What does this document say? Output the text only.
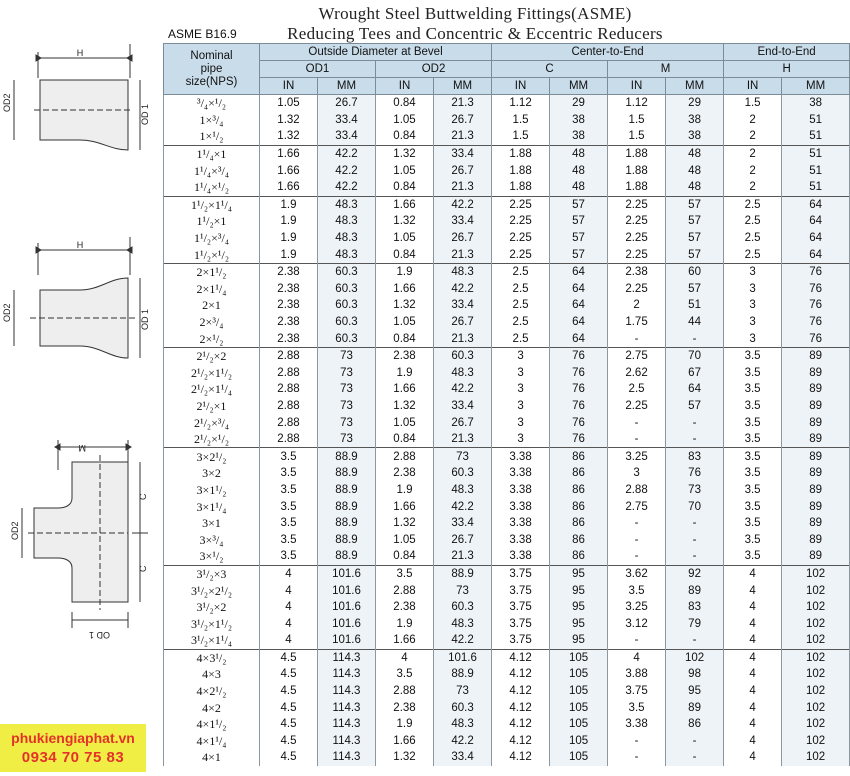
Wrought Steel Buttwelding Fittings(ASME)
Reducing Tees and Concentric & Eccentric Reducers
ASME B16.9
H
OD2
OD 1
H
OD2	OD 1
M
C
C
OD2
OD 1
phukiengiaphat.vn
0934 70 75 83
Nominal
pipe
size(NPS)	Outside Diameter at Bevel				Center-to-End				End-to-End	
	OD1		OD2		C		M		H	
	IN	MM	IN	MM	IN	MM	IN	MM	IN	MM
³/₄×¹/₂	1.05	26.7	0.84	21.3	1.12	29	1.12	29	1.5	38
1×³/₄	1.32	33.4	1.05	26.7	1.5	38	1.5	38	2	51
1×¹/₂	1.32	33.4	0.84	21.3	1.5	38	1.5	38	2	51
1¹/₄×1	1.66	42.2	1.32	33.4	1.88	48	1.88	48	2	51
1¹/₄×³/₄	1.66	42.2	1.05	26.7	1.88	48	1.88	48	2	51
1¹/₄×¹/₂	1.66	42.2	0.84	21.3	1.88	48	1.88	48	2	51
1¹/₂×1¹/₄	1.9	48.3	1.66	42.2	2.25	57	2.25	57	2.5	64
1¹/₂×1	1.9	48.3	1.32	33.4	2.25	57	2.25	57	2.5	64
1¹/₂×³/₄	1.9	48.3	1.05	26.7	2.25	57	2.25	57	2.5	64
1¹/₂×¹/₂	1.9	48.3	0.84	21.3	2.25	57	2.25	57	2.5	64
2×1¹/₂	2.38	60.3	1.9	48.3	2.5	64	2.38	60	3	76
2×1¹/₄	2.38	60.3	1.66	42.2	2.5	64	2.25	57	3	76
2×1	2.38	60.3	1.32	33.4	2.5	64	2	51	3	76
2×³/₄	2.38	60.3	1.05	26.7	2.5	64	1.75	44	3	76
2×¹/₂	2.38	60.3	0.84	21.3	2.5	64	-	-	3	76
2¹/₂×2	2.88	73	2.38	60.3	3	76	2.75	70	3.5	89
2¹/₂×1¹/₂	2.88	73	1.9	48.3	3	76	2.62	67	3.5	89
2¹/₂×1¹/₄	2.88	73	1.66	42.2	3	76	2.5	64	3.5	89
2¹/₂×1	2.88	73	1.32	33.4	3	76	2.25	57	3.5	89
2¹/₂×³/₄	2.88	73	1.05	26.7	3	76	-	-	3.5	89
2¹/₂×¹/₂	2.88	73	0.84	21.3	3	76	-	-	3.5	89
3×2¹/₂	3.5	88.9	2.88	73	3.38	86	3.25	83	3.5	89
3×2	3.5	88.9	2.38	60.3	3.38	86	3	76	3.5	89
3×1¹/₂	3.5	88.9	1.9	48.3	3.38	86	2.88	73	3.5	89
3×1¹/₄	3.5	88.9	1.66	42.2	3.38	86	2.75	70	3.5	89
3×1	3.5	88.9	1.32	33.4	3.38	86	-	-	3.5	89
3×³/₄	3.5	88.9	1.05	26.7	3.38	86	-	-	3.5	89
3×¹/₂	3.5	88.9	0.84	21.3	3.38	86	-	-	3.5	89
3¹/₂×3	4	101.6	3.5	88.9	3.75	95	3.62	92	4	102
3¹/₂×2¹/₂	4	101.6	2.88	73	3.75	95	3.5	89	4	102
3¹/₂×2	4	101.6	2.38	60.3	3.75	95	3.25	83	4	102
3¹/₂×1¹/₂	4	101.6	1.9	48.3	3.75	95	3.12	79	4	102
3¹/₂×1¹/₄	4	101.6	1.66	42.2	3.75	95	-	-	4	102
4×3¹/₂	4.5	114.3	4	101.6	4.12	105	4	102	4	102
4×3	4.5	114.3	3.5	88.9	4.12	105	3.88	98	4	102
4×2¹/₂	4.5	114.3	2.88	73	4.12	105	3.75	95	4	102
4×2	4.5	114.3	2.38	60.3	4.12	105	3.5	89	4	102
4×1¹/₂	4.5	114.3	1.9	48.3	4.12	105	3.38	86	4	102
4×1¹/₄	4.5	114.3	1.66	42.2	4.12	105	-	-	4	102
4×1	4.5	114.3	1.32	33.4	4.12	105	-	-	4	102
